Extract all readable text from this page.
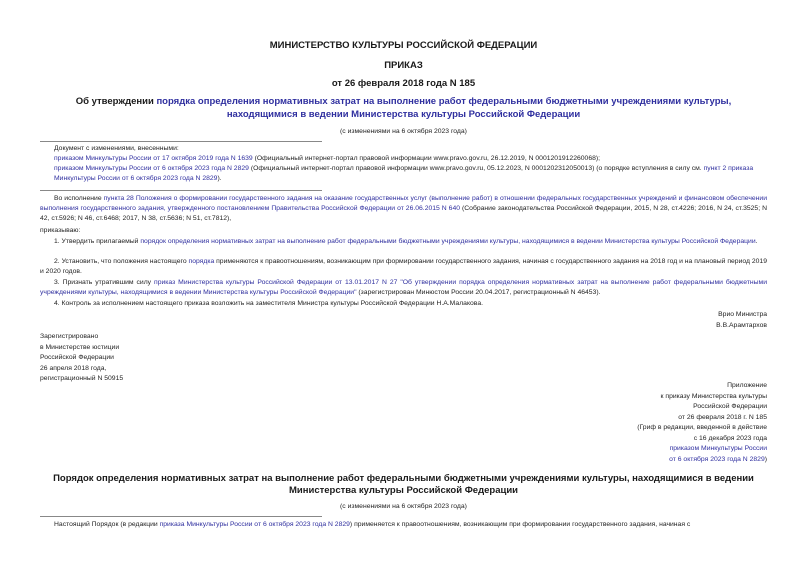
МИНИСТЕРСТВО КУЛЬТУРЫ РОССИЙСКОЙ ФЕДЕРАЦИИ
ПРИКАЗ
от 26 февраля 2018 года N 185
Об утверждении порядка определения нормативных затрат на выполнение работ федеральными бюджетными учреждениями культуры, находящимися в ведении Министерства культуры Российской Федерации
(с изменениями на 6 октября 2023 года)
Документ с изменениями, внесенными:
приказом Минкультуры России от 17 октября 2019 года N 1639 (Официальный интернет-портал правовой информации www.pravo.gov.ru, 26.12.2019, N 0001201912260068);
приказом Минкультуры России от 6 октября 2023 года N 2829 (Официальный интернет-портал правовой информации www.pravo.gov.ru, 05.12.2023, N 0001202312050013) (о порядке вступления в силу см. пункт 2 приказа Минкультуры России от 6 октября 2023 года N 2829).
Во исполнение пункта 28 Положения о формировании государственного задания на оказание государственных услуг (выполнение работ) в отношении федеральных государственных учреждений и финансовом обеспечении выполнения государственного задания, утвержденного постановлением Правительства Российской Федерации от 26.06.2015 N 640 (Собрание законодательства Российской Федерации, 2015, N 28, ст.4226; 2016, N 24, ст.3525; N 42, ст.5926; N 46, ст.6468; 2017, N 38, ст.5636; N 51, ст.7812),
приказываю:
1. Утвердить прилагаемый порядок определения нормативных затрат на выполнение работ федеральными бюджетными учреждениями культуры, находящимися в ведении Министерства культуры Российской Федерации.
2. Установить, что положения настоящего порядка применяются к правоотношениям, возникающим при формировании государственного задания, начиная с государственного задания на 2018 год и на плановый период 2019 и 2020 годов.
3. Признать утратившим силу приказ Министерства культуры Российской Федерации от 13.01.2017 N 27 "Об утверждении порядка определения нормативных затрат на выполнение работ федеральными бюджетными учреждениями культуры, находящимися в ведении Министерства культуры Российской Федерации" (зарегистрирован Минюстом России 20.04.2017, регистрационный N 46453).
4. Контроль за исполнением настоящего приказа возложить на заместителя Министра культуры Российской Федерации Н.А.Малакова.
Врио Министра
В.В.Арамтархов
Зарегистрировано
в Министерстве юстиции
Российской Федерации
26 апреля 2018 года,
регистрационный N 50915
Приложение
к приказу Министерства культуры
Российской Федерации
от 26 февраля 2018 г. N 185
(Гриф в редакции, введенной в действие
с 16 декабря 2023 года
приказом Минкультуры России
от 6 октября 2023 года N 2829)
Порядок определения нормативных затрат на выполнение работ федеральными бюджетными учреждениями культуры, находящимися в ведении Министерства культуры Российской Федерации
(с изменениями на 6 октября 2023 года)
Настоящий Порядок (в редакции приказа Минкультуры России от 6 октября 2023 года N 2829) применяется к правоотношениям, возникающим при формировании государственного задания, начиная с
